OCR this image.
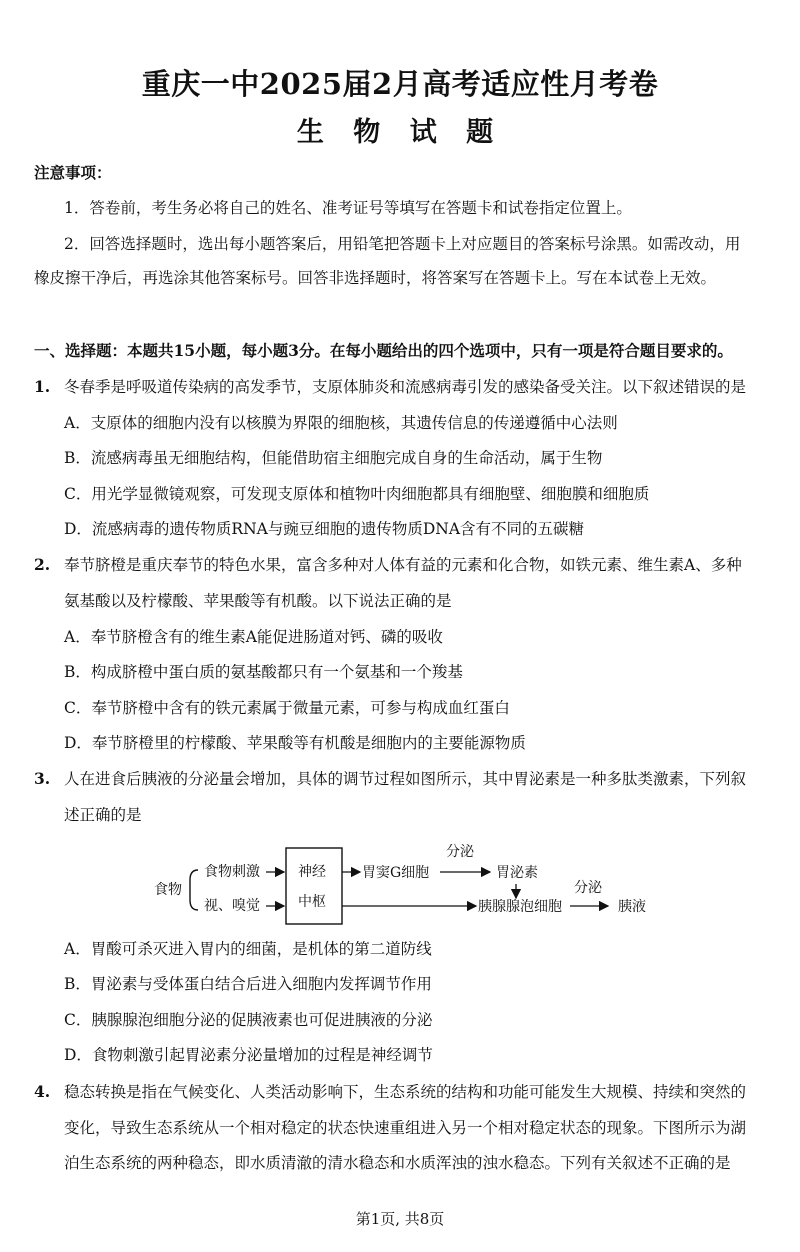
重庆一中2025届2月高考适应性月考卷
生 物 试 题
注意事项：
1．答卷前，考生务必将自己的姓名、准考证号等填写在答题卡和试卷指定位置上。
2．回答选择题时，选出每小题答案后，用铅笔把答题卡上对应题目的答案标号涂黑。如需改动，用
橡皮擦干净后，再选涂其他答案标号。回答非选择题时，将答案写在答题卡上。写在本试卷上无效。
一、选择题：本题共15小题，每小题3分。在每小题给出的四个选项中，只有一项是符合题目要求的。
1. 冬春季是呼吸道传染病的高发季节，支原体肺炎和流感病毒引发的感染备受关注。以下叙述错误的是
A．支原体的细胞内没有以核膜为界限的细胞核，其遗传信息的传递遵循中心法则
B．流感病毒虽无细胞结构，但能借助宿主细胞完成自身的生命活动，属于生物
C．用光学显微镜观察，可发现支原体和植物叶肉细胞都具有细胞壁、细胞膜和细胞质
D．流感病毒的遗传物质RNA与豌豆细胞的遗传物质DNA含有不同的五碳糖
2. 奉节脐橙是重庆奉节的特色水果，富含多种对人体有益的元素和化合物，如铁元素、维生素A、多种
氨基酸以及柠檬酸、苹果酸等有机酸。以下说法正确的是
A．奉节脐橙含有的维生素A能促进肠道对钙、磷的吸收
B．构成脐橙中蛋白质的氨基酸都只有一个氨基和一个羧基
C．奉节脐橙中含有的铁元素属于微量元素，可参与构成血红蛋白
D．奉节脐橙里的柠檬酸、苹果酸等有机酸是细胞内的主要能源物质
3. 人在进食后胰液的分泌量会增加，具体的调节过程如图所示，其中胃泌素是一种多肽类激素，下列叙
述正确的是
食物
食物刺激
视、嗅觉
神经
中枢
胃窦G细胞
分泌
胃泌素
胰腺腺泡细胞
分泌
胰液
A．胃酸可杀灭进入胃内的细菌，是机体的第二道防线
B．胃泌素与受体蛋白结合后进入细胞内发挥调节作用
C．胰腺腺泡细胞分泌的促胰液素也可促进胰液的分泌
D．食物刺激引起胃泌素分泌量增加的过程是神经调节
4. 稳态转换是指在气候变化、人类活动影响下，生态系统的结构和功能可能发生大规模、持续和突然的
变化，导致生态系统从一个相对稳定的状态快速重组进入另一个相对稳定状态的现象。下图所示为湖
泊生态系统的两种稳态，即水质清澈的清水稳态和水质浑浊的浊水稳态。下列有关叙述不正确的是
第1页, 共8页
